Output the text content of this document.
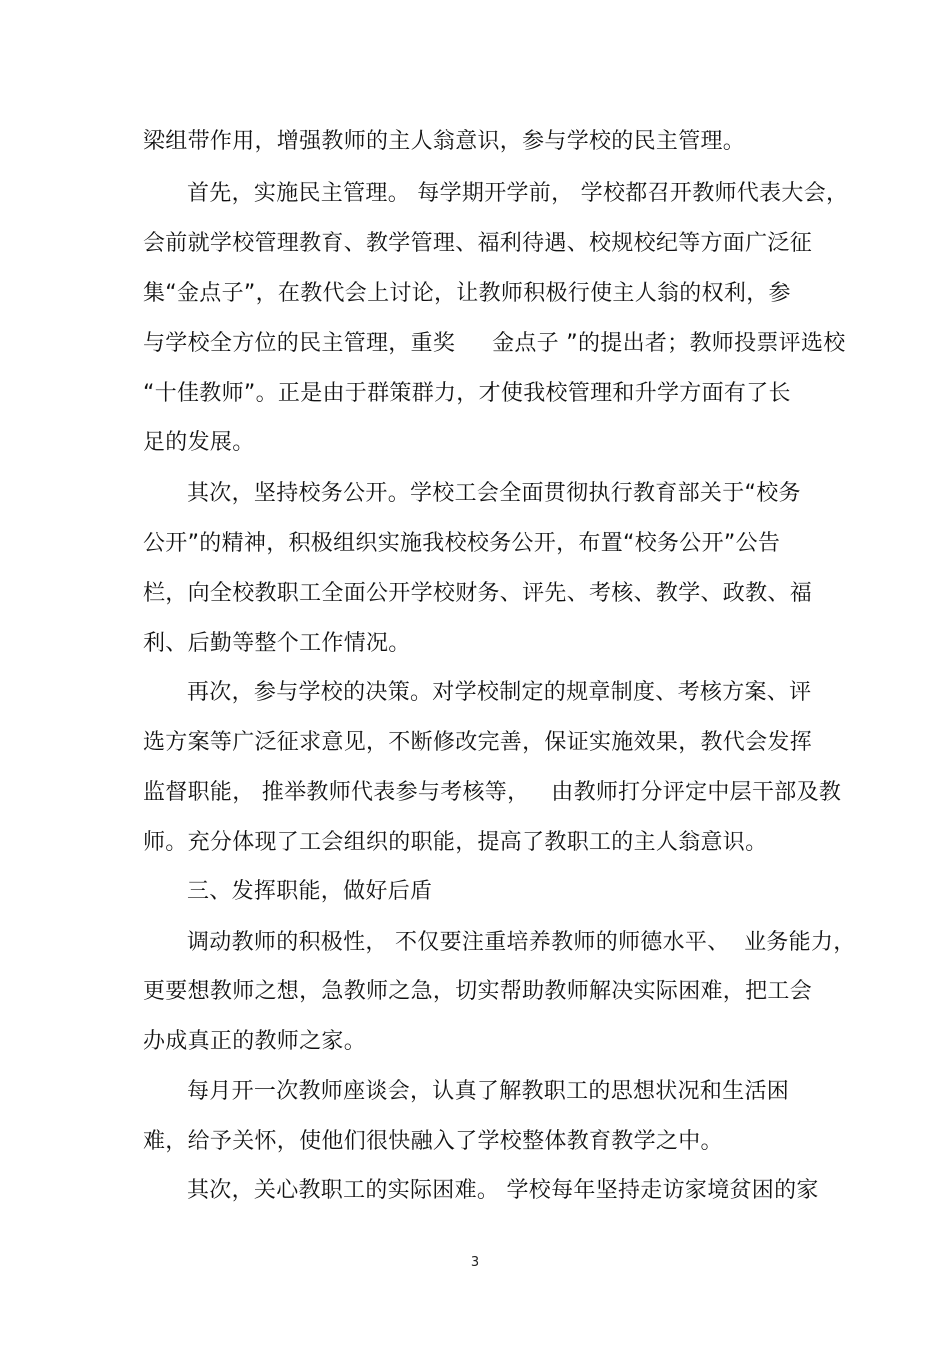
梁组带作用，增强教师的主人翁意识，参与学校的民主管理。
首先，实施民主管理。 每学期开学前， 学校都召开教师代表大会，
会前就学校管理教育、教学管理、福利待遇、校规校纪等方面广泛征
集“金点子”，在教代会上讨论，让教师积极行使主人翁的权利，参
与学校全方位的民主管理，重奖　  金点子 ”的提出者；教师投票评选校
“十佳教师”。正是由于群策群力，才使我校管理和升学方面有了长
足的发展。
其次，坚持校务公开。学校工会全面贯彻执行教育部关于“校务
公开”的精神，积极组织实施我校校务公开，布置“校务公开”公告
栏，向全校教职工全面公开学校财务、评先、考核、教学、政教、福
利、后勤等整个工作情况。
再次，参与学校的决策。对学校制定的规章制度、考核方案、评
选方案等广泛征求意见，不断修改完善，保证实施效果，教代会发挥
监督职能， 推举教师代表参与考核等，   由教师打分评定中层干部及教
师。充分体现了工会组织的职能，提高了教职工的主人翁意识。
三、发挥职能，做好后盾
调动教师的积极性， 不仅要注重培养教师的师德水平、  业务能力，
更要想教师之想，急教师之急，切实帮助教师解决实际困难，把工会
办成真正的教师之家。
每月开一次教师座谈会，认真了解教职工的思想状况和生活困
难，给予关怀，使他们很快融入了学校整体教育教学之中。
其次，关心教职工的实际困难。 学校每年坚持走访家境贫困的家
3
